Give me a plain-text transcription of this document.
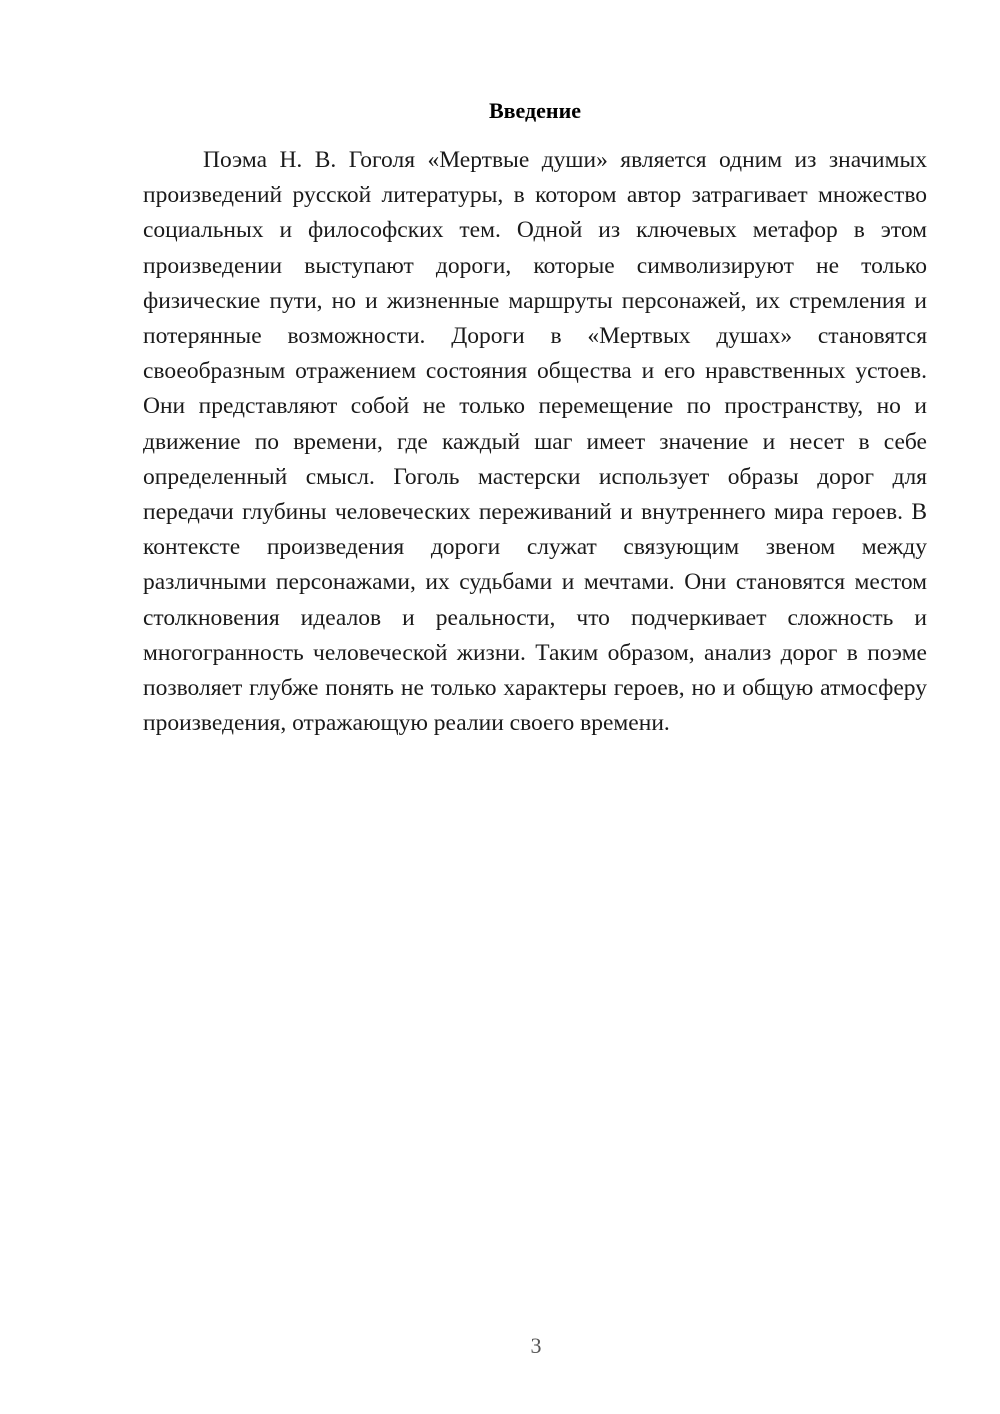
Введение

Поэма Н. В. Гоголя «Мертвые души» является одним из значимых произведений русской литературы, в котором автор затрагивает множество социальных и философских тем. Одной из ключевых метафор в этом произведении выступают дороги, которые символизируют не только физические пути, но и жизненные маршруты персонажей, их стремления и потерянные возможности. Дороги в «Мертвых душах» становятся своеобразным отражением состояния общества и его нравственных устоев. Они представляют собой не только перемещение по пространству, но и движение по времени, где каждый шаг имеет значение и несет в себе определенный смысл. Гоголь мастерски использует образы дорог для передачи глубины человеческих переживаний и внутреннего мира героев. В контексте произведения дороги служат связующим звеном между различными персонажами, их судьбами и мечтами. Они становятся местом столкновения идеалов и реальности, что подчеркивает сложность и многогранность человеческой жизни. Таким образом, анализ дорог в поэме позволяет глубже понять не только характеры героев, но и общую атмосферу произведения, отражающую реалии своего времени.

3
